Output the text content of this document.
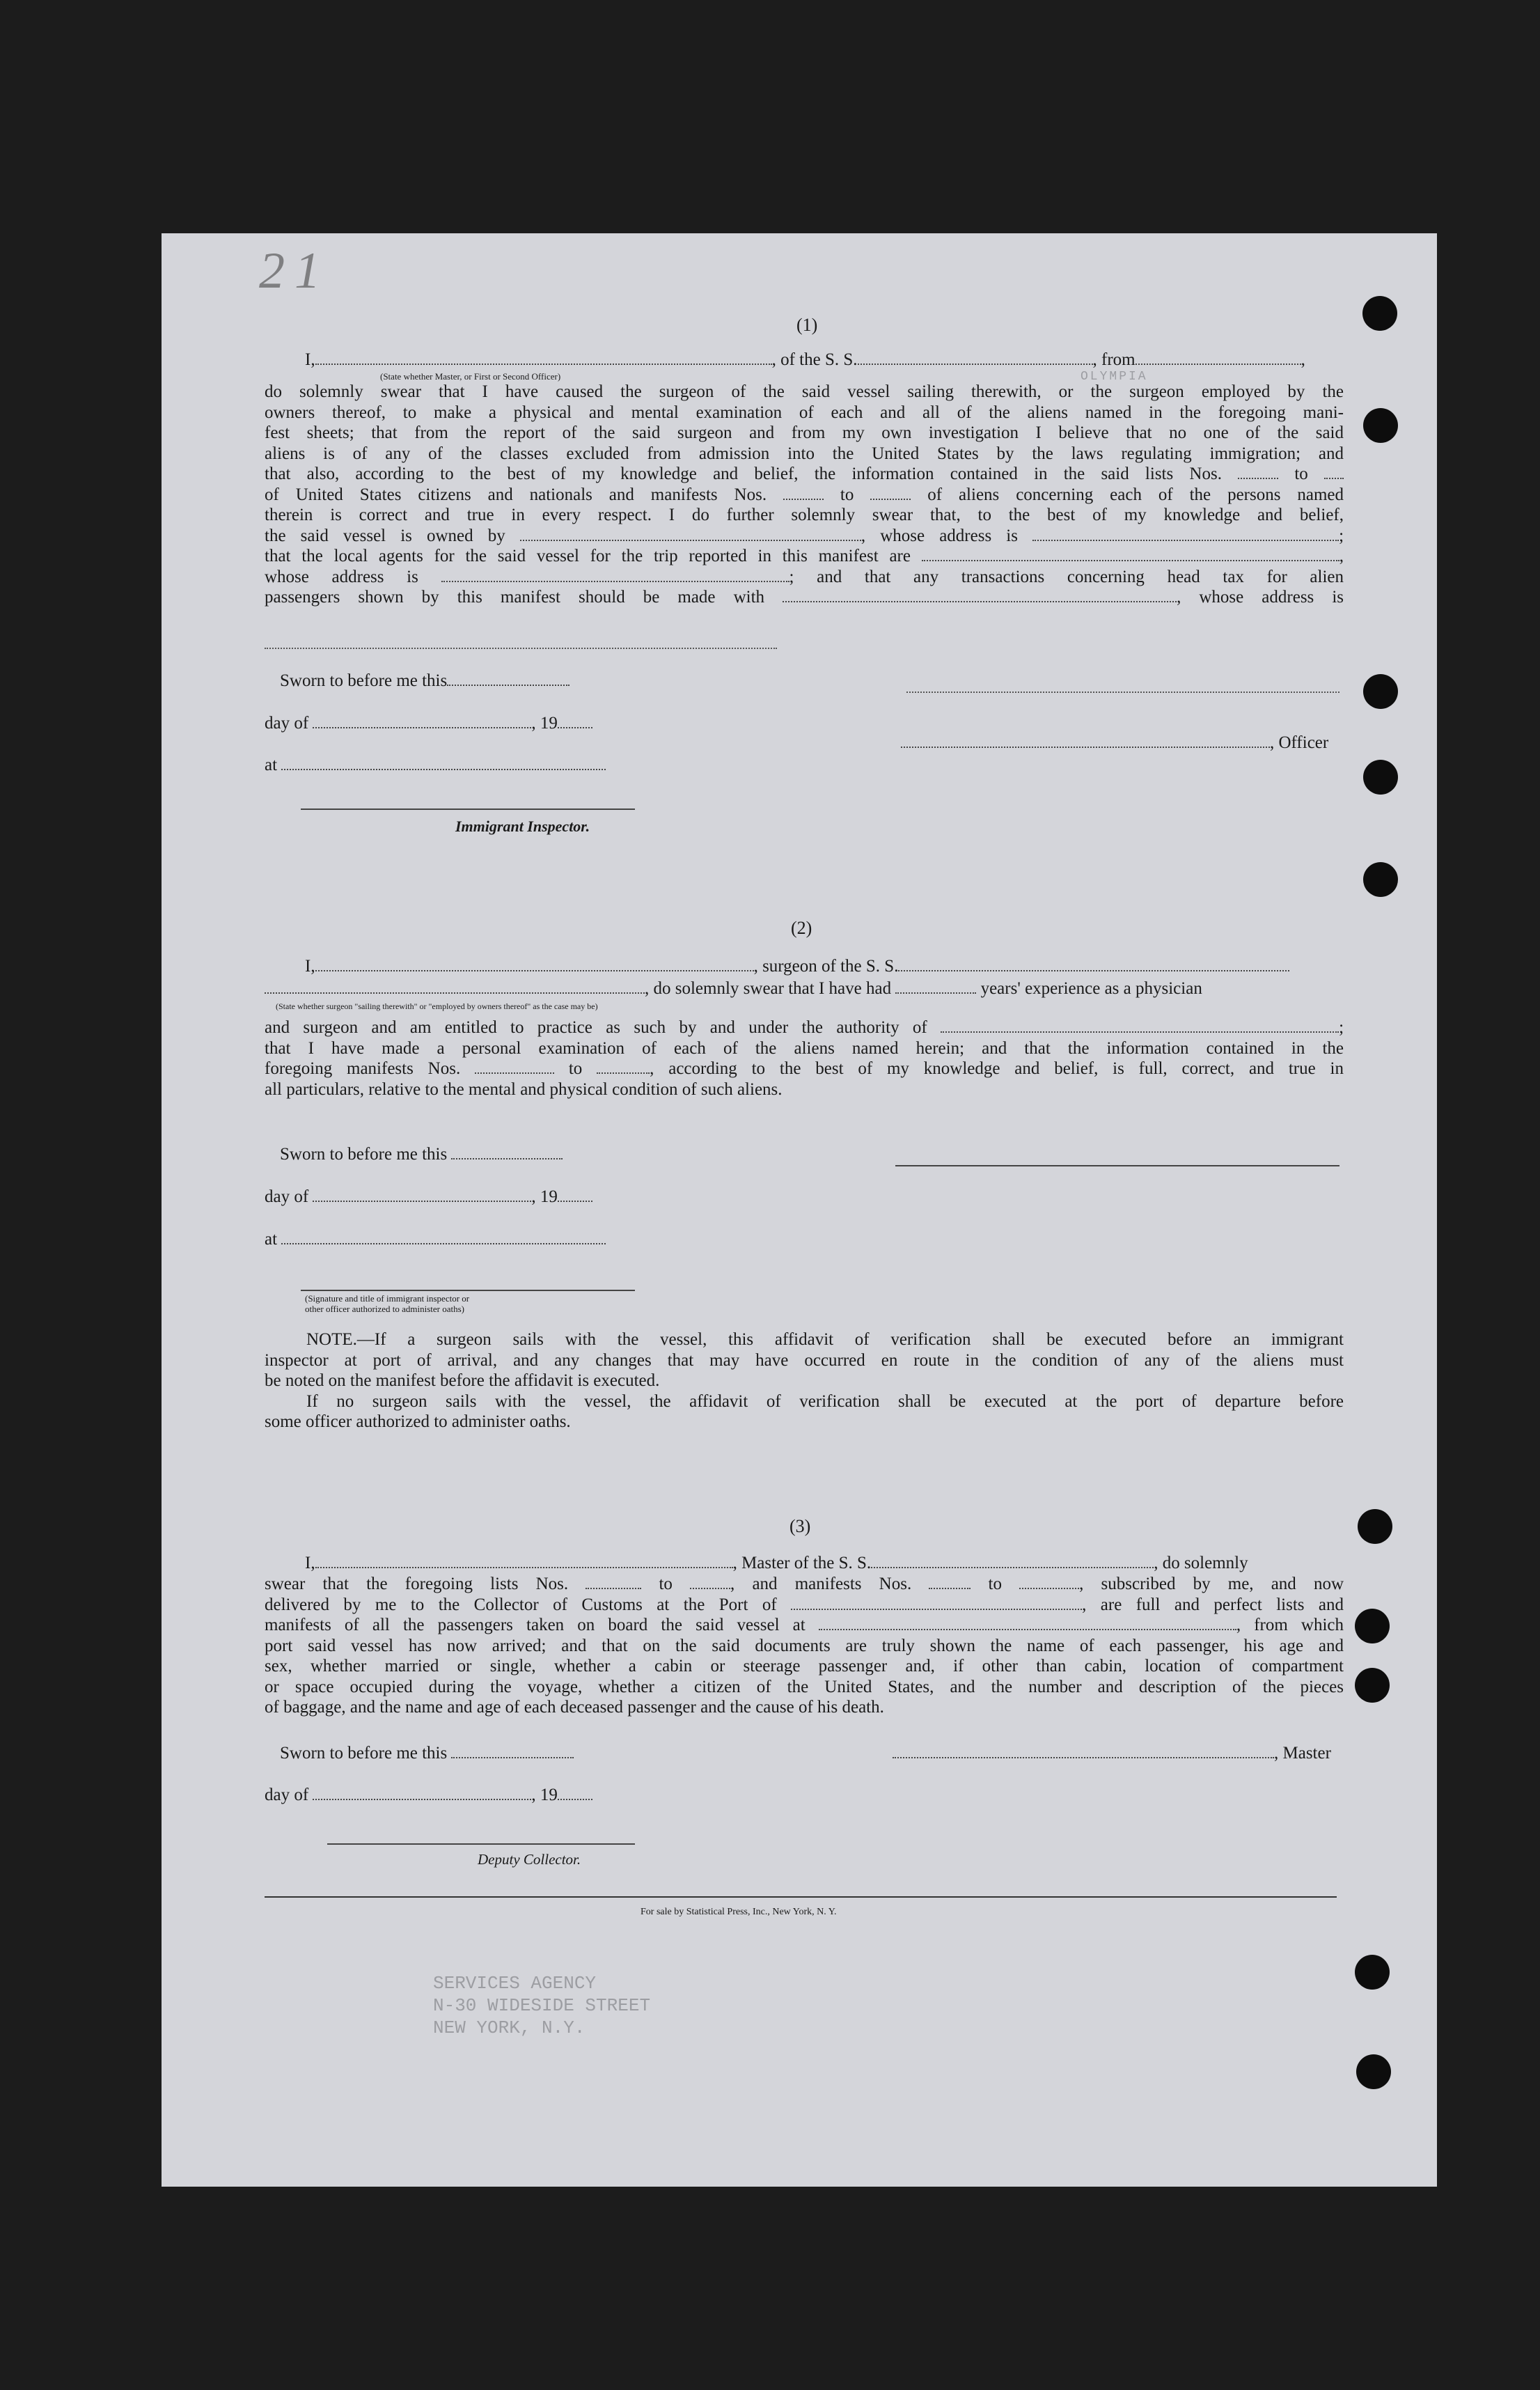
21
OLYMPIA
SERVICES AGENCY
N-30 WIDESIDE STREET
NEW YORK, N.Y.
(1)
I,	, of the S. S.	, from	,
(State whether Master, or First or Second Officer)
do solemnly swear that I have caused the surgeon of the said vessel sailing therewith, or the surgeon employed by the
owners thereof, to make a physical and mental examination of each and all of the aliens named in the foregoing mani-
fest sheets; that from the report of the said surgeon and from my own investigation I believe that no one of the said
aliens is of any of the classes excluded from admission into the United States by the laws regulating immigration; and
that also, according to the best of my knowledge and belief, the information contained in the said lists Nos.	to
of United States citizens and nationals and manifests Nos.	to	of aliens concerning each of the persons named
therein is correct and true in every respect. I do further solemnly swear that, to the best of my knowledge and belief,
the said vessel is owned by	, whose address is	;
that the local agents for the said vessel for the trip reported in this manifest are	,
whose address is	; and that any transactions concerning head tax for alien
passengers shown by this manifest should be made with	, whose address is
Sworn to before me this
day of	, 19
, Officer
at
Immigrant Inspector.
(2)
I,	, surgeon of the S. S.
, do solemnly swear that I have had	years' experience as a physician
(State whether surgeon "sailing therewith" or "employed by owners thereof" as the case may be)
and surgeon and am entitled to practice as such by and under the authority of	;
that I have made a personal examination of each of the aliens named herein; and that the information contained in the
foregoing manifests Nos.	to	, according to the best of my knowledge and belief, is full, correct, and true in
all particulars, relative to the mental and physical condition of such aliens.
Sworn to before me this
day of	, 19
at
(Signature and title of immigrant inspector or
other officer authorized to administer oaths)
NOTE.—If a surgeon sails with the vessel, this affidavit of verification shall be executed before an immigrant
inspector at port of arrival, and any changes that may have occurred en route in the condition of any of the aliens must
be noted on the manifest before the affidavit is executed.
If no surgeon sails with the vessel, the affidavit of verification shall be executed at the port of departure before
some officer authorized to administer oaths.
(3)
I,	, Master of the S. S.	, do solemnly
swear that the foregoing lists Nos.	to	, and manifests Nos.	to	, subscribed by me, and now
delivered by me to the Collector of Customs at the Port of	, are full and perfect lists and
manifests of all the passengers taken on board the said vessel at	, from which
port said vessel has now arrived; and that on the said documents are truly shown the name of each passenger, his age and
sex, whether married or single, whether a cabin or steerage passenger and, if other than cabin, location of compartment
or space occupied during the voyage, whether a citizen of the United States, and the number and description of the pieces
of baggage, and the name and age of each deceased passenger and the cause of his death.
Sworn to before me this	, Master
day of	, 19
Deputy Collector.
For sale by Statistical Press, Inc., New York, N. Y.
